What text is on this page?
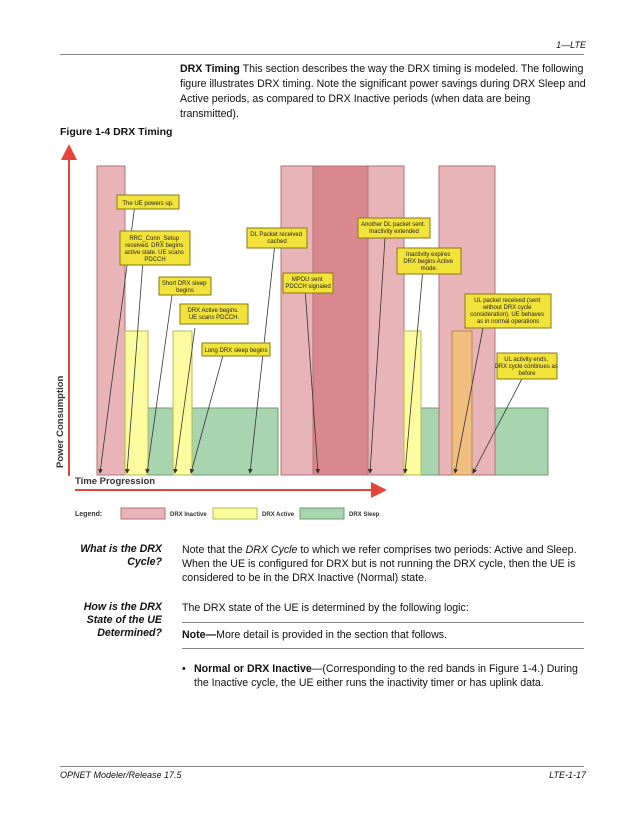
1—LTE
DRX Timing This section describes the way the DRX timing is modeled. The following figure illustrates DRX timing. Note the significant power savings during DRX Sleep and Active periods, as compared to DRX Inactive periods (when data are being transmitted).
Figure 1-4 DRX Timing
Power Consumption
Time Progression
The UE powers up.
RRC_Conn_Setup received. DRX begins active state. UE scans PDCCH
Short DRX sleep begins
DRX Active begins. UE scans PDCCH.
Long DRX sleep begins
DL Packet received cached
MPDU sent PDCCH signaled
Another DL packet sent. Inactivity extended
Inactivity expires DRX begins Active mode.
UL packet received (sent without DRX cycle consideration). UE behaves as in normal operations
UL activity ends, DRX cycle continues as before
Legend:	DRX Inactive	DRX Active	DRX Sleep
What is the DRX Cycle?
Note that the DRX Cycle to which we refer comprises two periods: Active and Sleep. When the UE is configured for DRX but is not running the DRX cycle, then the UE is considered to be in the DRX Inactive (Normal) state.
How is the DRX State of the UE Determined?
The DRX state of the UE is determined by the following logic:
Note—More detail is provided in the section that follows.
• Normal or DRX Inactive—(Corresponding to the red bands in Figure 1-4.) During the Inactive cycle, the UE either runs the inactivity timer or has uplink data.
OPNET Modeler/Release 17.5	LTE-1-17
